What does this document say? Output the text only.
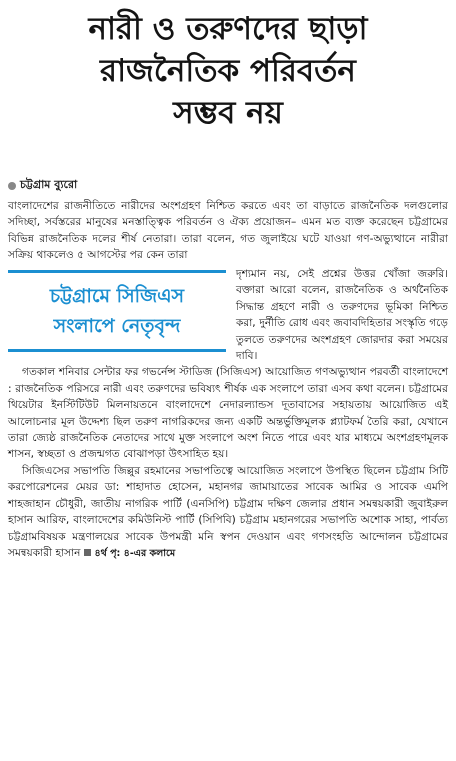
নারী ও তরুণদের ছাড়া
রাজনৈতিক পরিবর্তন
সম্ভব নয়
চট্টগ্রাম ব্যুরো

বাংলাদেশের রাজনীতিতে নারীদের অংশগ্রহণ নিশ্চিত করতে এবং তা বাড়াতে রাজনৈতিক দলগুলোর সদিচ্ছা, সর্বস্তরের মানুষের মনস্তাত্ত্বিক পরিবর্তন ও ঐক্য প্রয়োজন– এমন মত ব্যক্ত করেছেন চট্টগ্রামের বিভিন্ন রাজনৈতিক দলের শীর্ষ নেতারা। তারা বলেন, গত জুলাইয়ে ঘটে যাওয়া গণ-অভ্যুত্থানে নারীরা সক্রিয় থাকলেও ৫ আগস্টের পর কেন তারা

চট্টগ্রামে সিজিএস
সংলাপে নেতৃবৃন্দ

দৃশ্যমান নয়, সেই প্রশ্নের উত্তর খোঁজা জরুরি। বক্তারা আরো বলেন, রাজনৈতিক ও অর্থনৈতিক সিদ্ধান্ত গ্রহণে নারী ও তরুণদের ভূমিকা নিশ্চিত করা, দুর্নীতি রোধ এবং জবাবদিহিতার সংস্কৃতি গড়ে তুলতে তরুণদের অংশগ্রহণ জোরদার করা সময়ের দাবি।

গতকাল শনিবার সেন্টার ফর গভর্নেন্স স্টাডিজ (সিজিএস) আয়োজিত গণঅভ্যুত্থান পরবর্তী বাংলাদেশে : রাজনৈতিক পরিসরে নারী এবং তরুণদের ভবিষ্যৎ শীর্ষক এক সংলাপে তারা এসব কথা বলেন। চট্টগ্রামের থিয়েটার ইনস্টিটিউট মিলনায়তনে বাংলাদেশে নেদারল্যান্ডস দূতাবাসের সহায়তায় আয়োজিত এই আলোচনার মূল উদ্দেশ্য ছিল তরুণ নাগরিকদের জন্য একটি অন্তর্ভুক্তিমূলক প্ল্যাটফর্ম তৈরি করা, যেখানে তারা জ্যেষ্ঠ রাজনৈতিক নেতাদের সাথে মুক্ত সংলাপে অংশ নিতে পারে এবং যার মাধ্যমে অংশগ্রহণমূলক শাসন, স্বচ্ছতা ও প্রজন্মগত বোঝাপড়া উৎসাহিত হয়।

সিজিএসের সভাপতি জিল্লুর রহমানের সভাপতিত্বে আয়োজিত সংলাপে উপস্থিত ছিলেন চট্টগ্রাম সিটি করপোরেশনের মেয়র ডা: শাহাদাত হোসেন, মহানগর জামায়াতের সাবেক আমির ও সাবেক এমপি শাহজাহান চৌধুরী, জাতীয় নাগরিক পার্টি (এনসিপি) চট্টগ্রাম দক্ষিণ জেলার প্রধান সমন্বয়কারী জুবাইরুল হাসান আরিফ, বাংলাদেশের কমিউনিস্ট পার্টি (সিপিবি) চট্টগ্রাম মহানগরের সভাপতি অশোক সাহা, পার্বত্য চট্টগ্রামবিষয়ক মন্ত্রণালয়ের সাবেক উপমন্ত্রী মনি স্বপন দেওয়ান এবং গণসংহতি আন্দোলন চট্টগ্রামের সমন্বয়কারী হাসান ৪র্থ পৃ: ৪-এর কলামে
